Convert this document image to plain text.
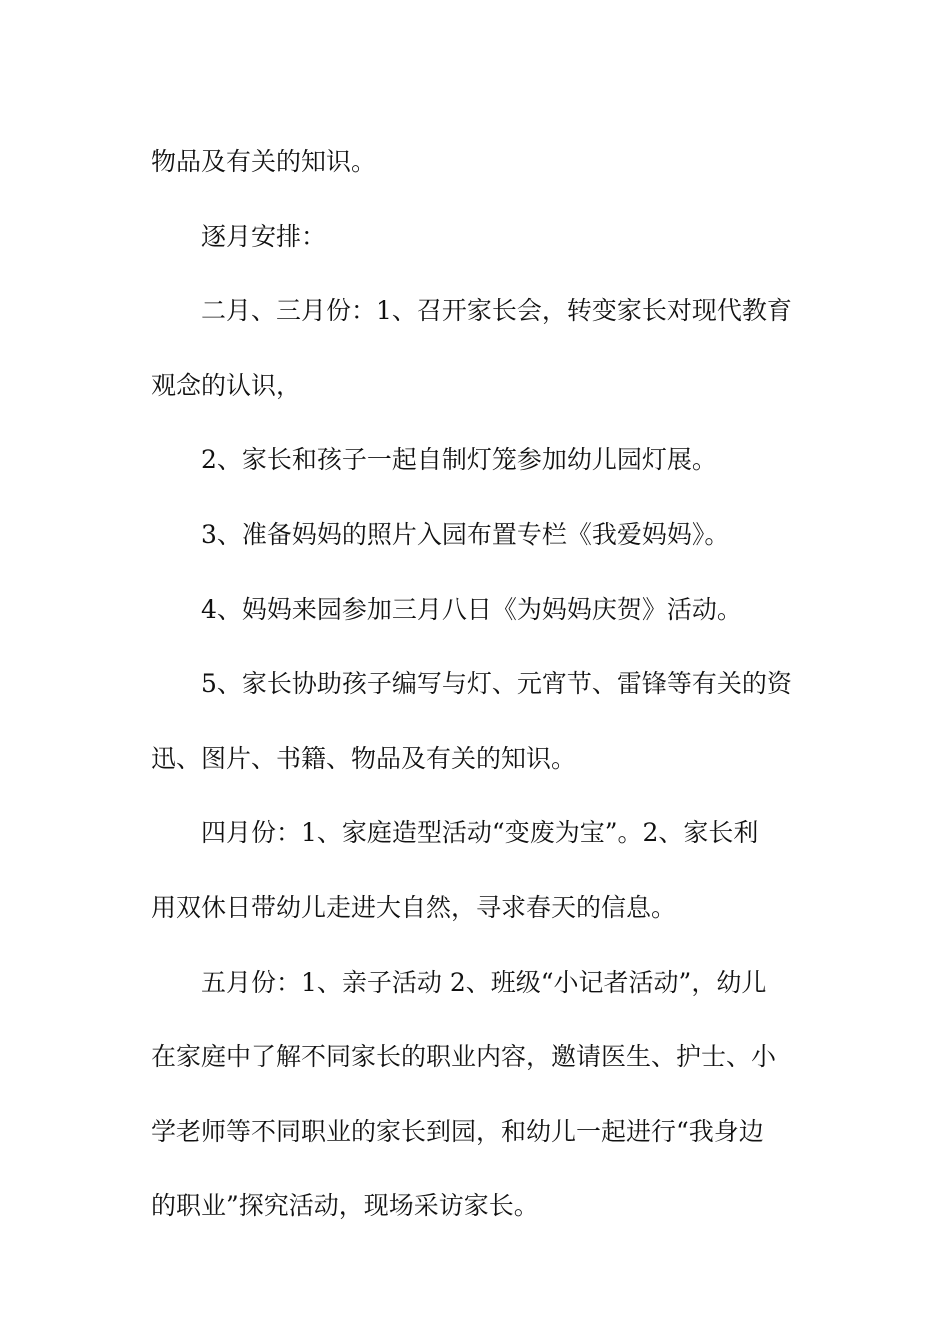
物品及有关的知识。
逐月安排：
二月、三月份：1、召开家长会，转变家长对现代教育
观念的认识，
2、家长和孩子一起自制灯笼参加幼儿园灯展。
3、准备妈妈的照片入园布置专栏《我爱妈妈》。
4、妈妈来园参加三月八日《为妈妈庆贺》活动。
5、家长协助孩子编写与灯、元宵节、雷锋等有关的资
迅、图片、书籍、物品及有关的知识。
四月份：1、家庭造型活动“变废为宝”。2、家长利
用双休日带幼儿走进大自然，寻求春天的信息。
五月份：1、亲子活动 2、班级“小记者活动”，幼儿
在家庭中了解不同家长的职业内容，邀请医生、护士、小
学老师等不同职业的家长到园，和幼儿一起进行“我身边
的职业”探究活动，现场采访家长。
